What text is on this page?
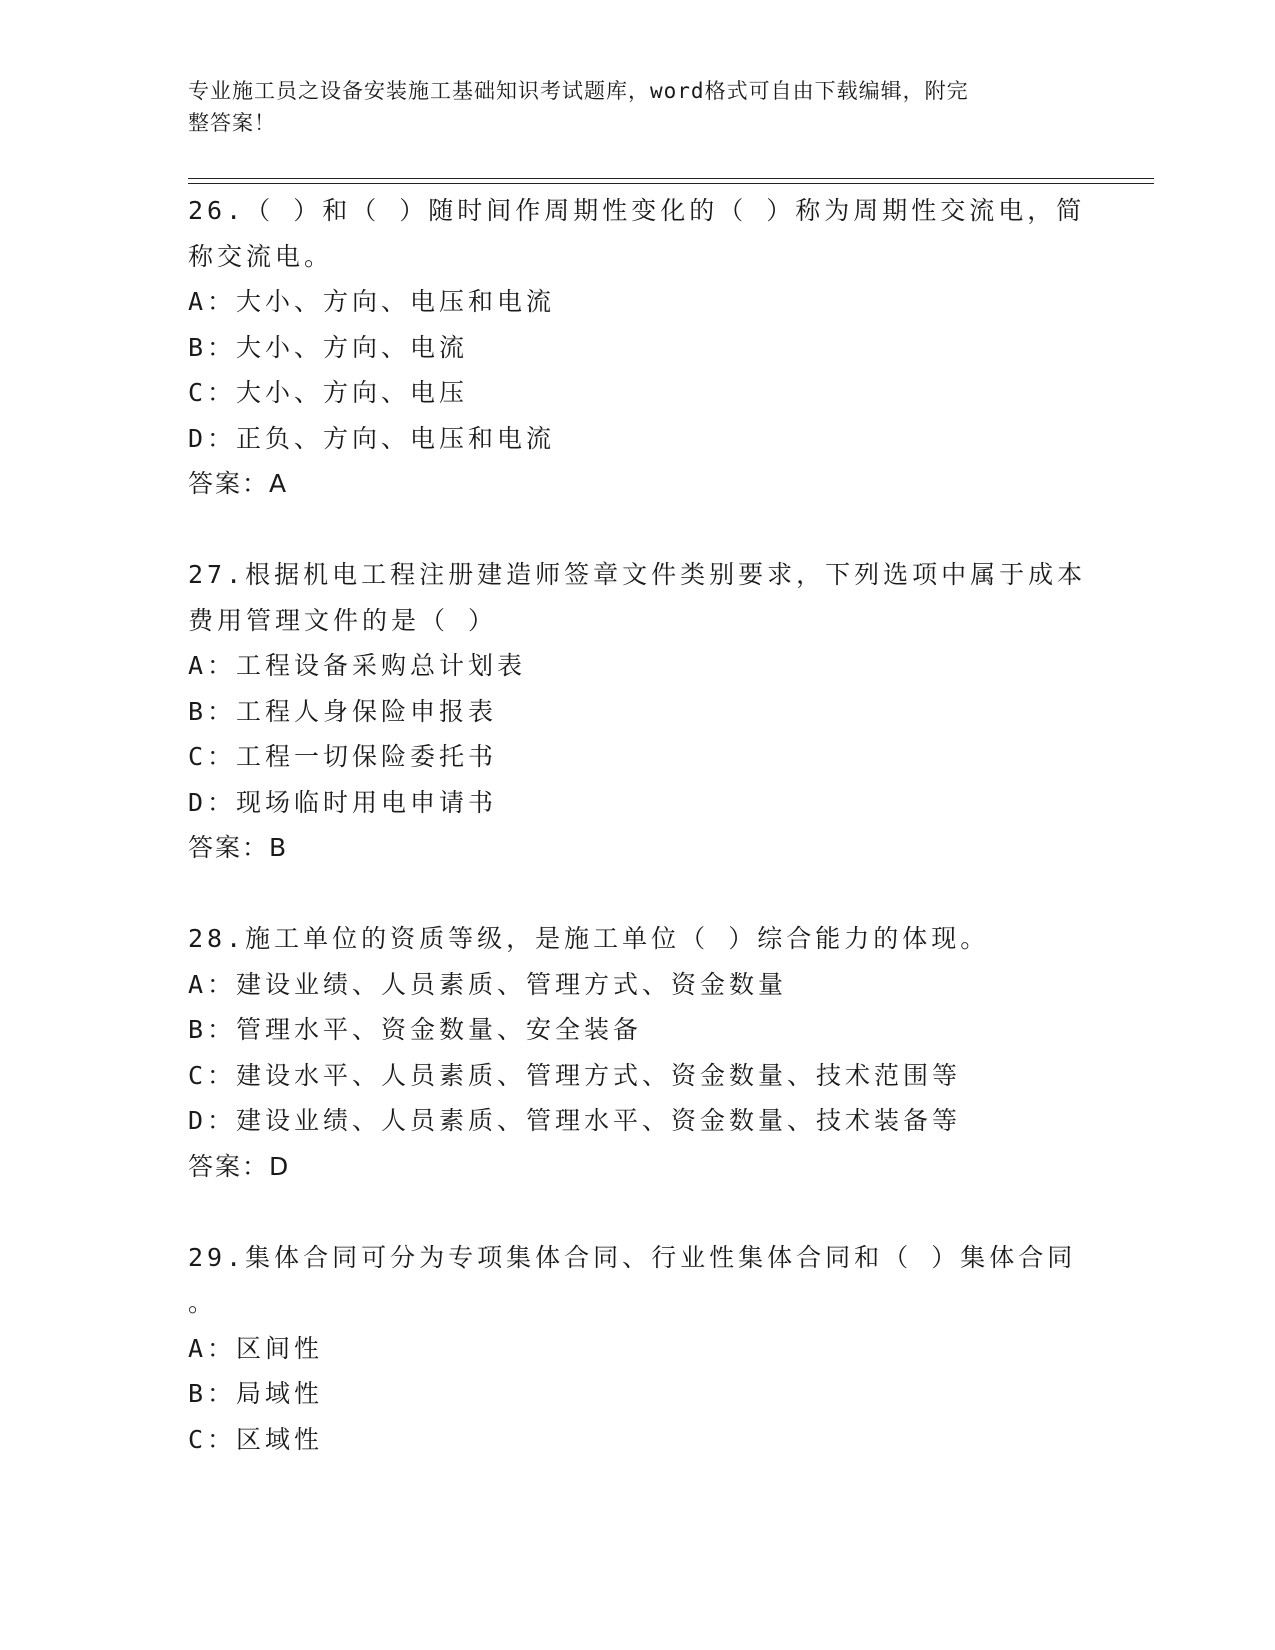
专业施工员之设备安装施工基础知识考试题库，word格式可自由下载编辑，附完
整答案！
26.（ ）和（ ）随时间作周期性变化的（ ）称为周期性交流电，简
称交流电。
A：大小、方向、电压和电流
B：大小、方向、电流
C：大小、方向、电压
D：正负、方向、电压和电流
答案：A
27.根据机电工程注册建造师签章文件类别要求，下列选项中属于成本
费用管理文件的是（ ）
A：工程设备采购总计划表
B：工程人身保险申报表
C：工程一切保险委托书
D：现场临时用电申请书
答案：B
28.施工单位的资质等级，是施工单位（ ）综合能力的体现。
A：建设业绩、人员素质、管理方式、资金数量
B：管理水平、资金数量、安全装备
C：建设水平、人员素质、管理方式、资金数量、技术范围等
D：建设业绩、人员素质、管理水平、资金数量、技术装备等
答案：D
29.集体合同可分为专项集体合同、行业性集体合同和（ ）集体合同
。
A：区间性
B：局域性
C：区域性
